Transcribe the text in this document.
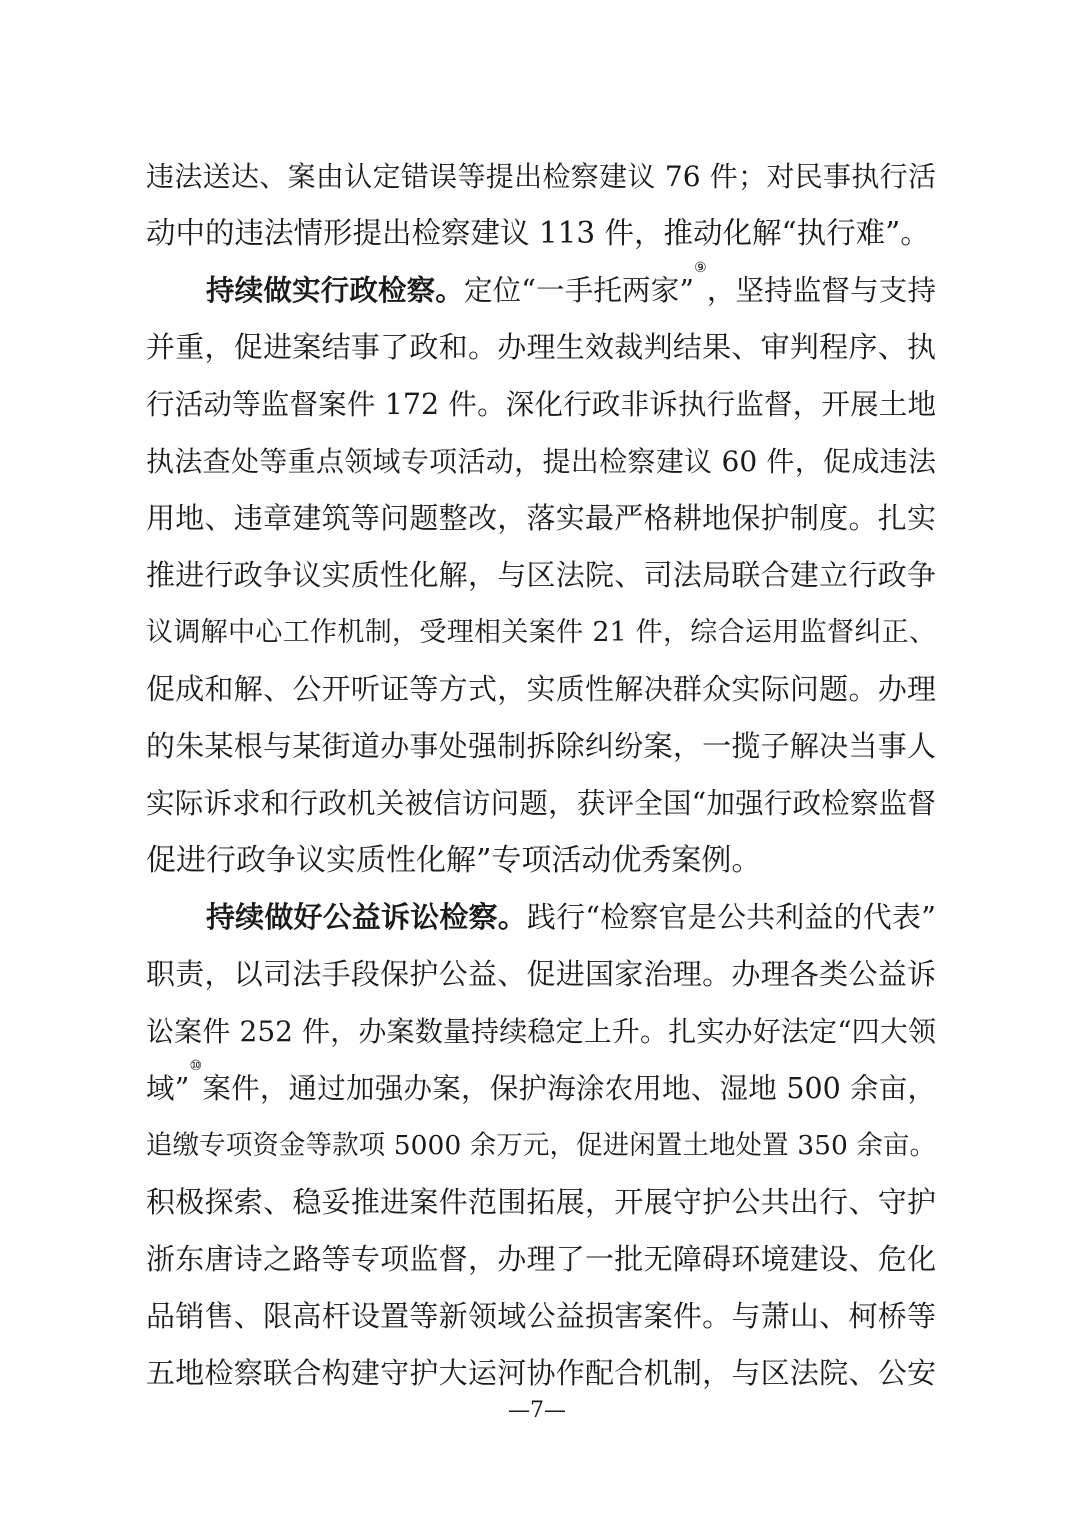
违法送达、案由认定错误等提出检察建议 76 件；对民事执行活
动中的违法情形提出检察建议 113 件，推动化解“执行难”。
持续做实行政检察。定位“一手托两家”⑨，坚持监督与支持
并重，促进案结事了政和。办理生效裁判结果、审判程序、执
行活动等监督案件 172 件。深化行政非诉执行监督，开展土地
执法查处等重点领域专项活动，提出检察建议 60 件，促成违法
用地、违章建筑等问题整改，落实最严格耕地保护制度。扎实
推进行政争议实质性化解，与区法院、司法局联合建立行政争
议调解中心工作机制，受理相关案件 21 件，综合运用监督纠正、
促成和解、公开听证等方式，实质性解决群众实际问题。办理
的朱某根与某街道办事处强制拆除纠纷案，一揽子解决当事人
实际诉求和行政机关被信访问题，获评全国“加强行政检察监督
促进行政争议实质性化解”专项活动优秀案例。
持续做好公益诉讼检察。践行“检察官是公共利益的代表”
职责，以司法手段保护公益、促进国家治理。办理各类公益诉
讼案件 252 件，办案数量持续稳定上升。扎实办好法定“四大领
域”⑩案件，通过加强办案，保护海涂农用地、湿地 500 余亩，
追缴专项资金等款项 5000 余万元，促进闲置土地处置 350 余亩。
积极探索、稳妥推进案件范围拓展，开展守护公共出行、守护
浙东唐诗之路等专项监督，办理了一批无障碍环境建设、危化
品销售、限高杆设置等新领域公益损害案件。与萧山、柯桥等
五地检察联合构建守护大运河协作配合机制，与区法院、公安
—7—
